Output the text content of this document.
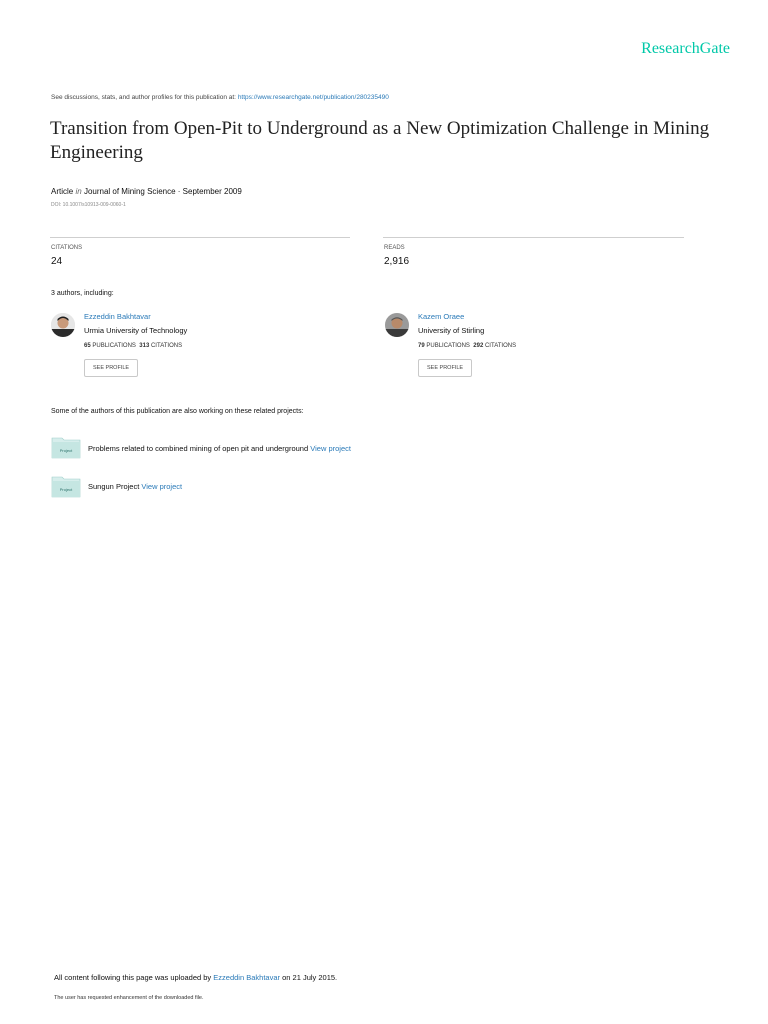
ResearchGate
See discussions, stats, and author profiles for this publication at: https://www.researchgate.net/publication/280235490
Transition from Open-Pit to Underground as a New Optimization Challenge in Mining Engineering
Article in Journal of Mining Science · September 2009
DOI: 10.1007/s10913-009-0060-1
CITATIONS
24
READS
2,916
3 authors, including:
Ezzeddin Bakhtavar
Urmia University of Technology
65 PUBLICATIONS 313 CITATIONS
SEE PROFILE
Kazem Oraee
University of Stirling
79 PUBLICATIONS 292 CITATIONS
SEE PROFILE
Some of the authors of this publication are also working on these related projects:
Project Problems related to combined mining of open pit and underground View project
Project Sungun Project View project
All content following this page was uploaded by Ezzeddin Bakhtavar on 21 July 2015.
The user has requested enhancement of the downloaded file.
